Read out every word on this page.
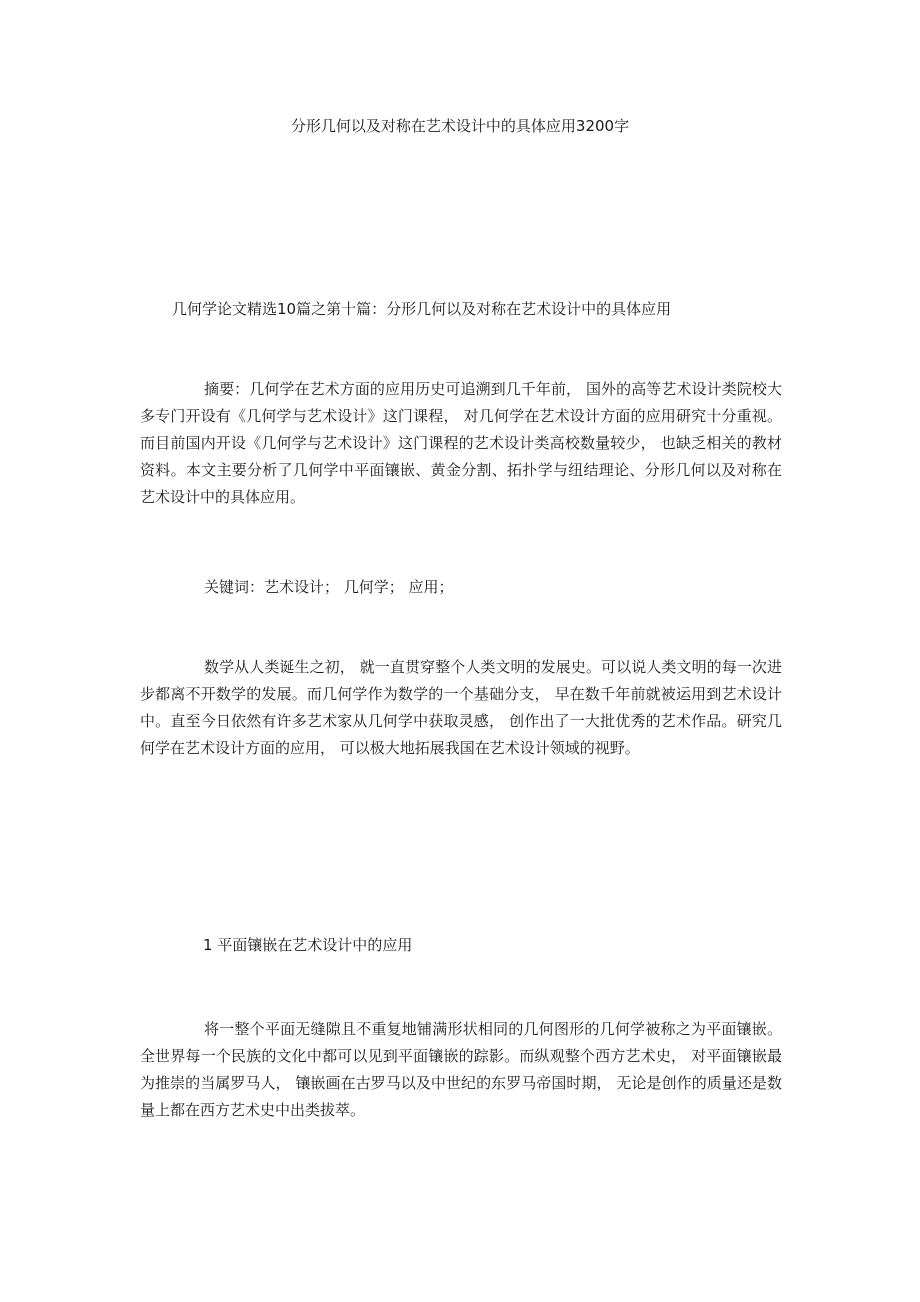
分形几何以及对称在艺术设计中的具体应用3200字
几何学论文精选10篇之第十篇：分形几何以及对称在艺术设计中的具体应用

摘要：几何学在艺术方面的应用历史可追溯到几千年前， 国外的高等艺术设计类院校大多专门开设有《几何学与艺术设计》这门课程， 对几何学在艺术设计方面的应用研究十分重视。而目前国内开设《几何学与艺术设计》这门课程的艺术设计类高校数量较少， 也缺乏相关的教材资料。本文主要分析了几何学中平面镶嵌、黄金分割、拓扑学与纽结理论、分形几何以及对称在艺术设计中的具体应用。

关键词：艺术设计； 几何学； 应用；

数学从人类诞生之初， 就一直贯穿整个人类文明的发展史。可以说人类文明的每一次进步都离不开数学的发展。而几何学作为数学的一个基础分支， 早在数千年前就被运用到艺术设计中。直至今日依然有许多艺术家从几何学中获取灵感， 创作出了一大批优秀的艺术作品。研究几何学在艺术设计方面的应用， 可以极大地拓展我国在艺术设计领域的视野。

1 平面镶嵌在艺术设计中的应用

将一整个平面无缝隙且不重复地铺满形状相同的几何图形的几何学被称之为平面镶嵌。全世界每一个民族的文化中都可以见到平面镶嵌的踪影。而纵观整个西方艺术史， 对平面镶嵌最为推崇的当属罗马人， 镶嵌画在古罗马以及中世纪的东罗马帝国时期， 无论是创作的质量还是数量上都在西方艺术史中出类拔萃。
